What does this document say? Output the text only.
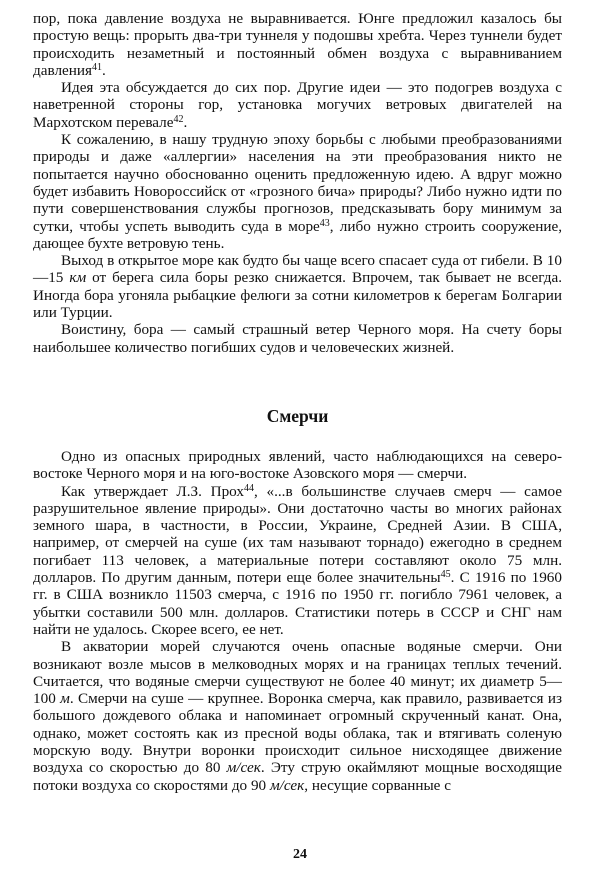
пор, пока давление воздуха не выравнивается. Юнге предложил казалось бы простую вещь: прорыть два-три туннеля у подошвы хребта. Через туннели будет происходить незаметный и постоянный обмен воздуха с выравниванием давления$^{41}$.

Идея эта обсуждается до сих пор. Другие идеи — это подогрев воздуха с наветренной стороны гор, установка могучих ветровых двигателей на Мархотском перевале$^{42}$.

К сожалению, в нашу трудную эпоху борьбы с любыми преобразованиями природы и даже «аллергии» населения на эти преобразования никто не попытается научно обоснованно оценить предложенную идею. А вдруг можно будет избавить Новороссийск от «грозного бича» природы? Либо нужно идти по пути совершенствования службы прогнозов, предсказывать бору минимум за сутки, чтобы успеть выводить суда в море$^{43}$, либо нужно строить сооружение, дающее бухте ветровую тень.

Выход в открытое море как будто бы чаще всего спасает суда от гибели. В 10—15 км от берега сила боры резко снижается. Впрочем, так бывает не всегда. Иногда бора угоняла рыбацкие фелюги за сотни километров к берегам Болгарии или Турции.

Воистину, бора — самый страшный ветер Черного моря. На счету боры наибольшее количество погибших судов и человеческих жизней.

Смерчи

Одно из опасных природных явлений, часто наблюдающихся на северо-востоке Черного моря и на юго-востоке Азовского моря — смерчи.

Как утверждает Л.З. Прох$^{44}$, «...в большинстве случаев смерч — самое разрушительное явление природы». Они достаточно часты во многих районах земного шара, в частности, в России, Украине, Средней Азии. В США, например, от смерчей на суше (их там называют торнадо) ежегодно в среднем погибает 113 человек, а материальные потери составляют около 75 млн. долларов. По другим данным, потери еще более значительны$^{45}$. С 1916 по 1960 гг. в США возникло 11503 смерча, с 1916 по 1950 гг. погибло 7961 человек, а убытки составили 500 млн. долларов. Статистики потерь в СССР и СНГ нам найти не удалось. Скорее всего, ее нет.

В акватории морей случаются очень опасные водяные смерчи. Они возникают возле мысов в мелководных морях и на границах теплых течений. Считается, что водяные смерчи существуют не более 40 минут; их диаметр 5—100 м. Смерчи на суше — крупнее. Воронка смерча, как правило, развивается из большого дождевого облака и напоминает огромный скрученный канат. Она, однако, может состоять как из пресной воды облака, так и втягивать соленую морскую воду. Внутри воронки происходит сильное нисходящее движение воздуха со скоростью до 80 м/сек. Эту струю окаймляют мощные восходящие потоки воздуха со скоростями до 90 м/сек, несущие сорванные с

24
